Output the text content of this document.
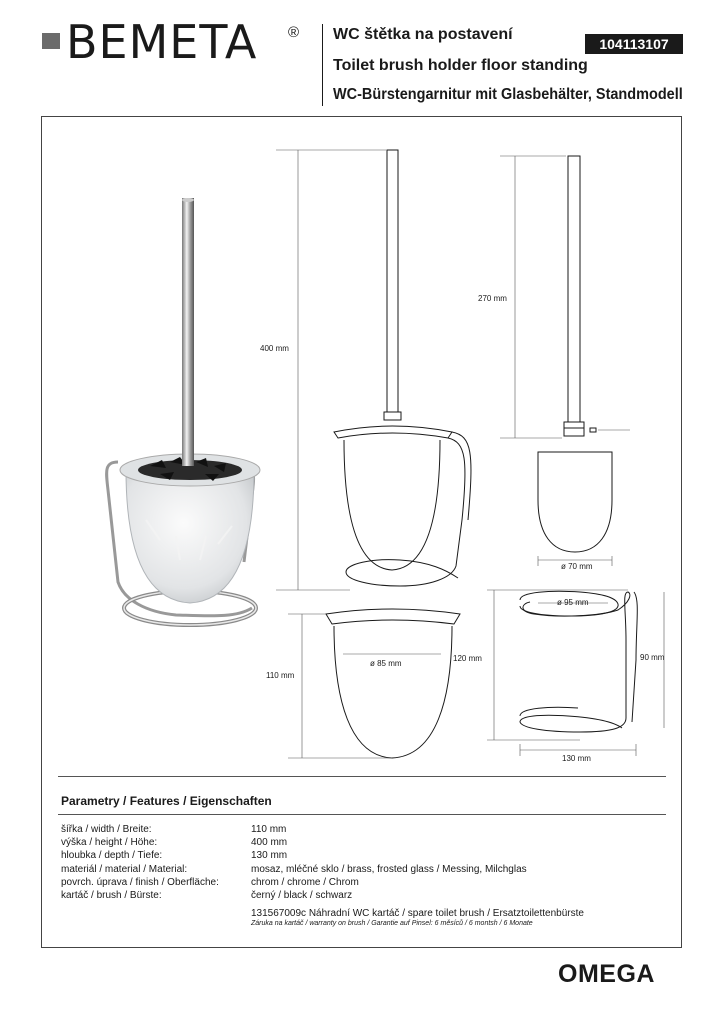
BEMETA ® WC štětka na postavení
Toilet brush holder floor standing
WC-Bürstengarnitur mit Glasbehälter, Standmodell
104113107
400 mm
270 mm
ø 70 mm
ø 85 mm
110 mm
120 mm
ø 95 mm
90 mm
130 mm
Parametry / Features / Eigenschaften
šířka / width / Breite:	110 mm
výška / height / Höhe:	400 mm
hloubka / depth / Tiefe:	130 mm
materiál / material / Material:	mosaz, mléčné sklo / brass, frosted glass / Messing, Milchglas
povrch. úprava / finish / Oberfläche:	chrom / chrome / Chrom
kartáč / brush / Bürste:	černý / black / schwarz
131567009c Náhradní WC kartáč / spare toilet brush / Ersatztoilettenbürste
Záruka na kartáč / warranty on brush / Garantie auf Pinsel: 6 měsíců / 6 montsh / 6 Monate
OMEGA
